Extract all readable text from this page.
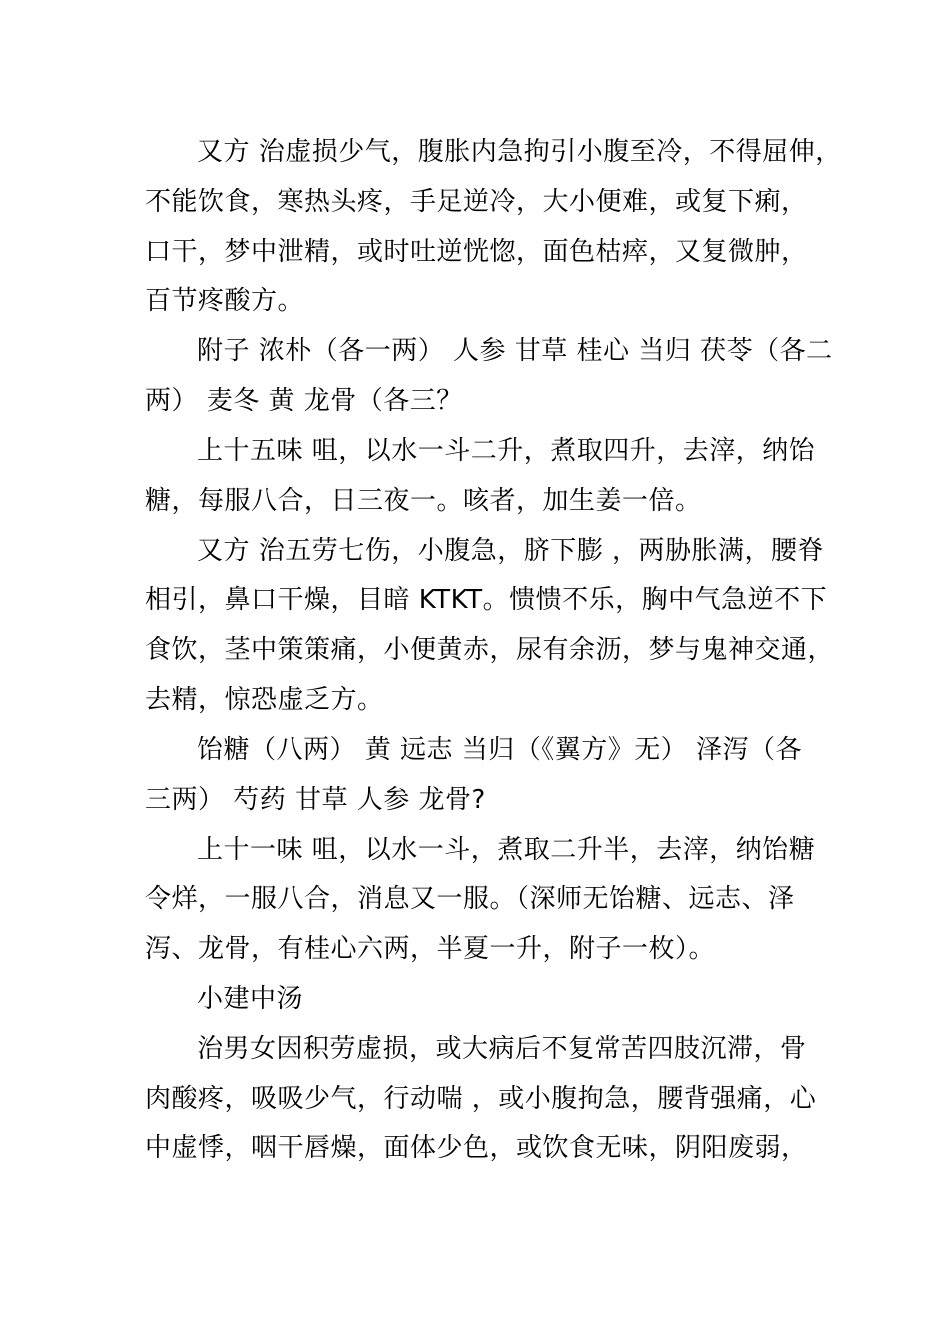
又方 治虚损少气，腹胀内急拘引小腹至冷，不得屈伸，
不能饮食，寒热头疼，手足逆冷，大小便难，或复下痢，
口干，梦中泄精，或时吐逆恍惚，面色枯瘁，又复微肿，
百节疼酸方。
附子 浓朴（各一两） 人参 甘草 桂心 当归 茯苓（各二
两） 麦冬 黄 龙骨（各三？
上十五味 咀，以水一斗二升，煮取四升，去滓，纳饴
糖，每服八合，日三夜一。咳者，加生姜一倍。
又方 治五劳七伤，小腹急，脐下膨 ，两胁胀满，腰脊
相引，鼻口干燥，目暗 KTKT。愦愦不乐，胸中气急逆不下
食饮，茎中策策痛，小便黄赤，尿有余沥，梦与鬼神交通，
去精，惊恐虚乏方。
饴糖（八两） 黄 远志 当归（《翼方》无） 泽泻（各
三两） 芍药 甘草 人参 龙骨?
上十一味 咀，以水一斗，煮取二升半，去滓，纳饴糖
令烊，一服八合，消息又一服。（深师无饴糖、远志、泽
泻、龙骨，有桂心六两，半夏一升，附子一枚）。
小建中汤
治男女因积劳虚损，或大病后不复常苦四肢沉滞，骨
肉酸疼，吸吸少气，行动喘 ，或小腹拘急，腰背强痛，心
中虚悸，咽干唇燥，面体少色，或饮食无味，阴阳废弱，
